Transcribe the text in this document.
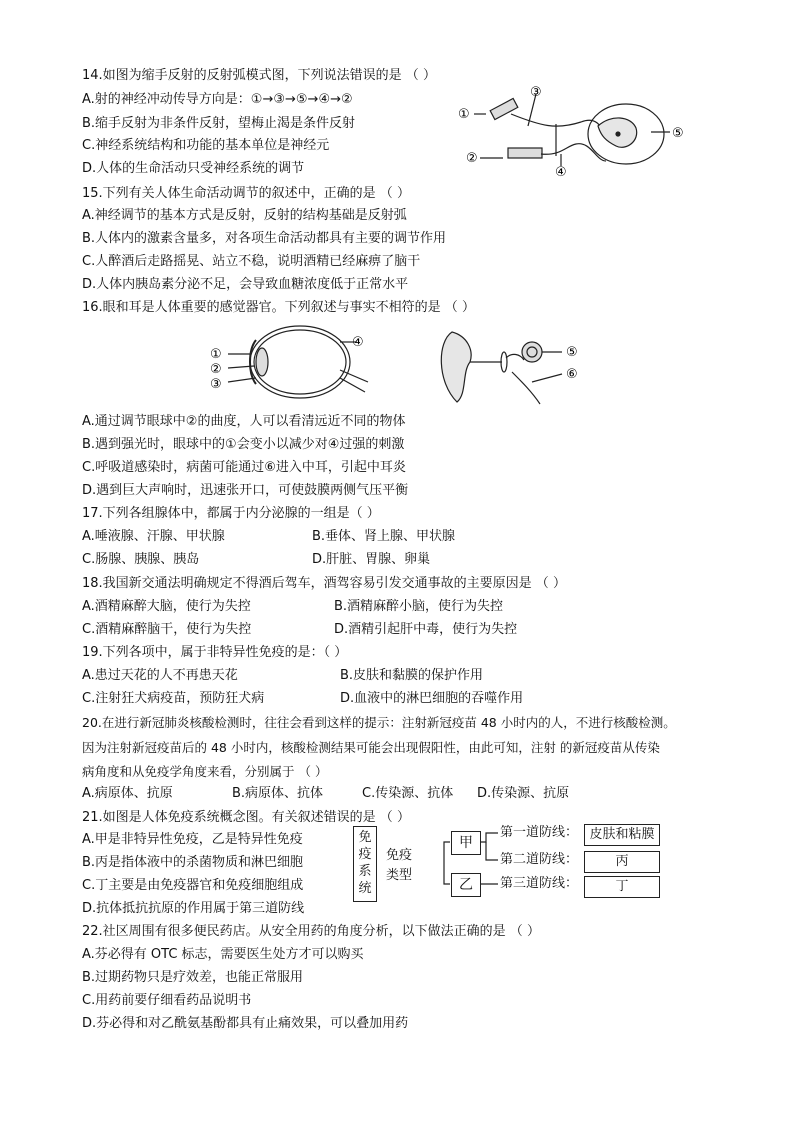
14.如图为缩手反射的反射弧模式图，下列说法错误的是 （ ）
A.射的神经冲动传导方向是：①→③→⑤→④→②
B.缩手反射为非条件反射，望梅止渴是条件反射
C.神经系统结构和功能的基本单位是神经元
D.人体的生命活动只受神经系统的调节
①
②
③
④
⑤
15.下列有关人体生命活动调节的叙述中，正确的是 （ ）
A.神经调节的基本方式是反射，反射的结构基础是反射弧
B.人体内的激素含量多，对各项生命活动都具有主要的调节作用
C.人醉酒后走路摇晃、站立不稳，说明酒精已经麻痹了脑干
D.人体内胰岛素分泌不足，会导致血糖浓度低于正常水平
16.眼和耳是人体重要的感觉器官。下列叙述与事实不相符的是 （ ）
①
②
③
④
⑤
⑥
A.通过调节眼球中②的曲度，人可以看清远近不同的物体
B.遇到强光时，眼球中的①会变小以减少对④过强的刺激
C.呼吸道感染时，病菌可能通过⑥进入中耳，引起中耳炎
D.遇到巨大声响时，迅速张开口，可使鼓膜两侧气压平衡
17.下列各组腺体中，都属于内分泌腺的一组是（ ）
A.唾液腺、汗腺、甲状腺	B.垂体、肾上腺、甲状腺
C.肠腺、胰腺、胰岛	D.肝脏、胃腺、卵巢
18.我国新交通法明确规定不得酒后驾车，酒驾容易引发交通事故的主要原因是 （ ）
A.酒精麻醉大脑，使行为失控	B.酒精麻醉小脑，使行为失控
C.酒精麻醉脑干，使行为失控	D.酒精引起肝中毒，使行为失控
19.下列各项中，属于非特异性免疫的是：（ ）
A.患过天花的人不再患天花	B.皮肤和黏膜的保护作用
C.注射狂犬病疫苗，预防狂犬病	D.血液中的淋巴细胞的吞噬作用
20.在进行新冠肺炎核酸检测时，往往会看到这样的提示：注射新冠疫苗 48 小时内的人，不进行核酸检测。
因为注射新冠疫苗后的 48 小时内，核酸检测结果可能会出现假阳性，由此可知，注射 的新冠疫苗从传染
病角度和从免疫学角度来看，分别属于 （ ）
A.病原体、抗原	B.病原体、抗体	C.传染源、抗体 D.传染源、抗原
21.如图是人体免疫系统概念图。有关叙述错误的是 （ ）
A.甲是非特异性免疫，乙是特异性免疫
B.丙是指体液中的杀菌物质和淋巴细胞
C.丁主要是由免疫器官和免疫细胞组成
D.抗体抵抗抗原的作用属于第三道防线
免
疫
系
统
免疫
类型
甲
乙
第一道防线：
第二道防线：
第三道防线：
皮肤和粘膜
丙
丁
22.社区周围有很多便民药店。从安全用药的角度分析，以下做法正确的是 （ ）
A.芬必得有 OTC 标志，需要医生处方才可以购买
B.过期药物只是疗效差，也能正常服用
C.用药前要仔细看药品说明书
D.芬必得和对乙酰氨基酚都具有止痛效果，可以叠加用药
